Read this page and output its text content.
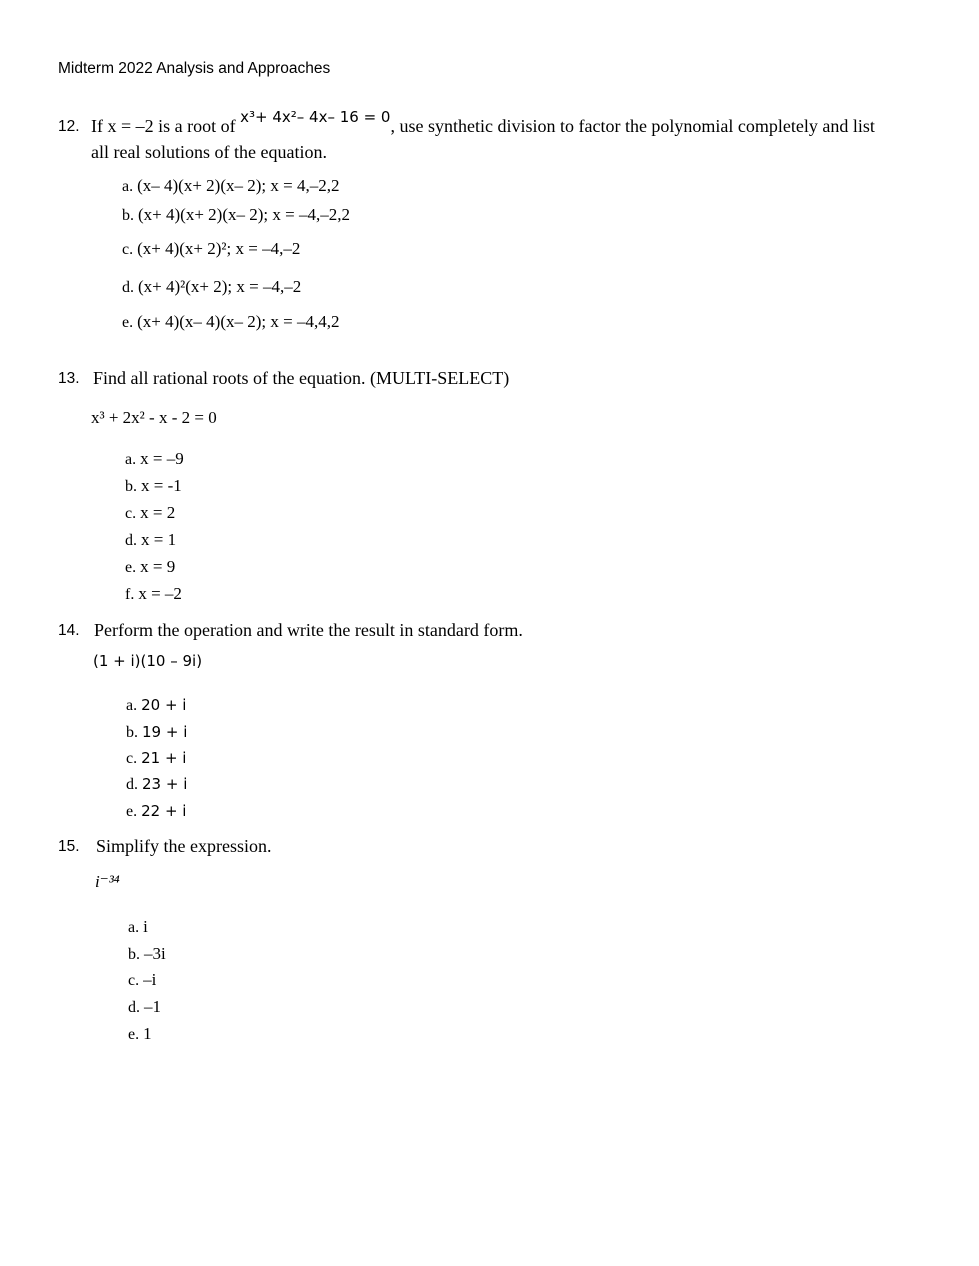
Midterm 2022 Analysis and Approaches
12. If x = –2 is a root of $^{x^3+ 4x^2- 4x- 16 = 0}$, use synthetic division to factor the polynomial completely and list
all real solutions of the equation.
a. (x– 4)(x+ 2)(x– 2); x = 4,–2,2
b. (x+ 4)(x+ 2)(x– 2); x = –4,–2,2
c. (x+ 4)(x+ 2)²; x = –4,–2
d. (x+ 4)²(x+ 2); x = –4,–2
e. (x+ 4)(x– 4)(x– 2); x = –4,4,2
13. Find all rational roots of the equation. (MULTI-SELECT)
x³ + 2x² - x - 2 = 0
a. x = –9
b. x = -1
c. x = 2
d. x = 1
e. x = 9
f. x = –2
14. Perform the operation and write the result in standard form.
(1 + i)(10 – 9i)
a. 20 + i
b. 19 + i
c. 21 + i
d. 23 + i
e. 22 + i
15. Simplify the expression.
i⁻³⁴
a. i
b. –3i
c. –i
d. –1
e. 1
